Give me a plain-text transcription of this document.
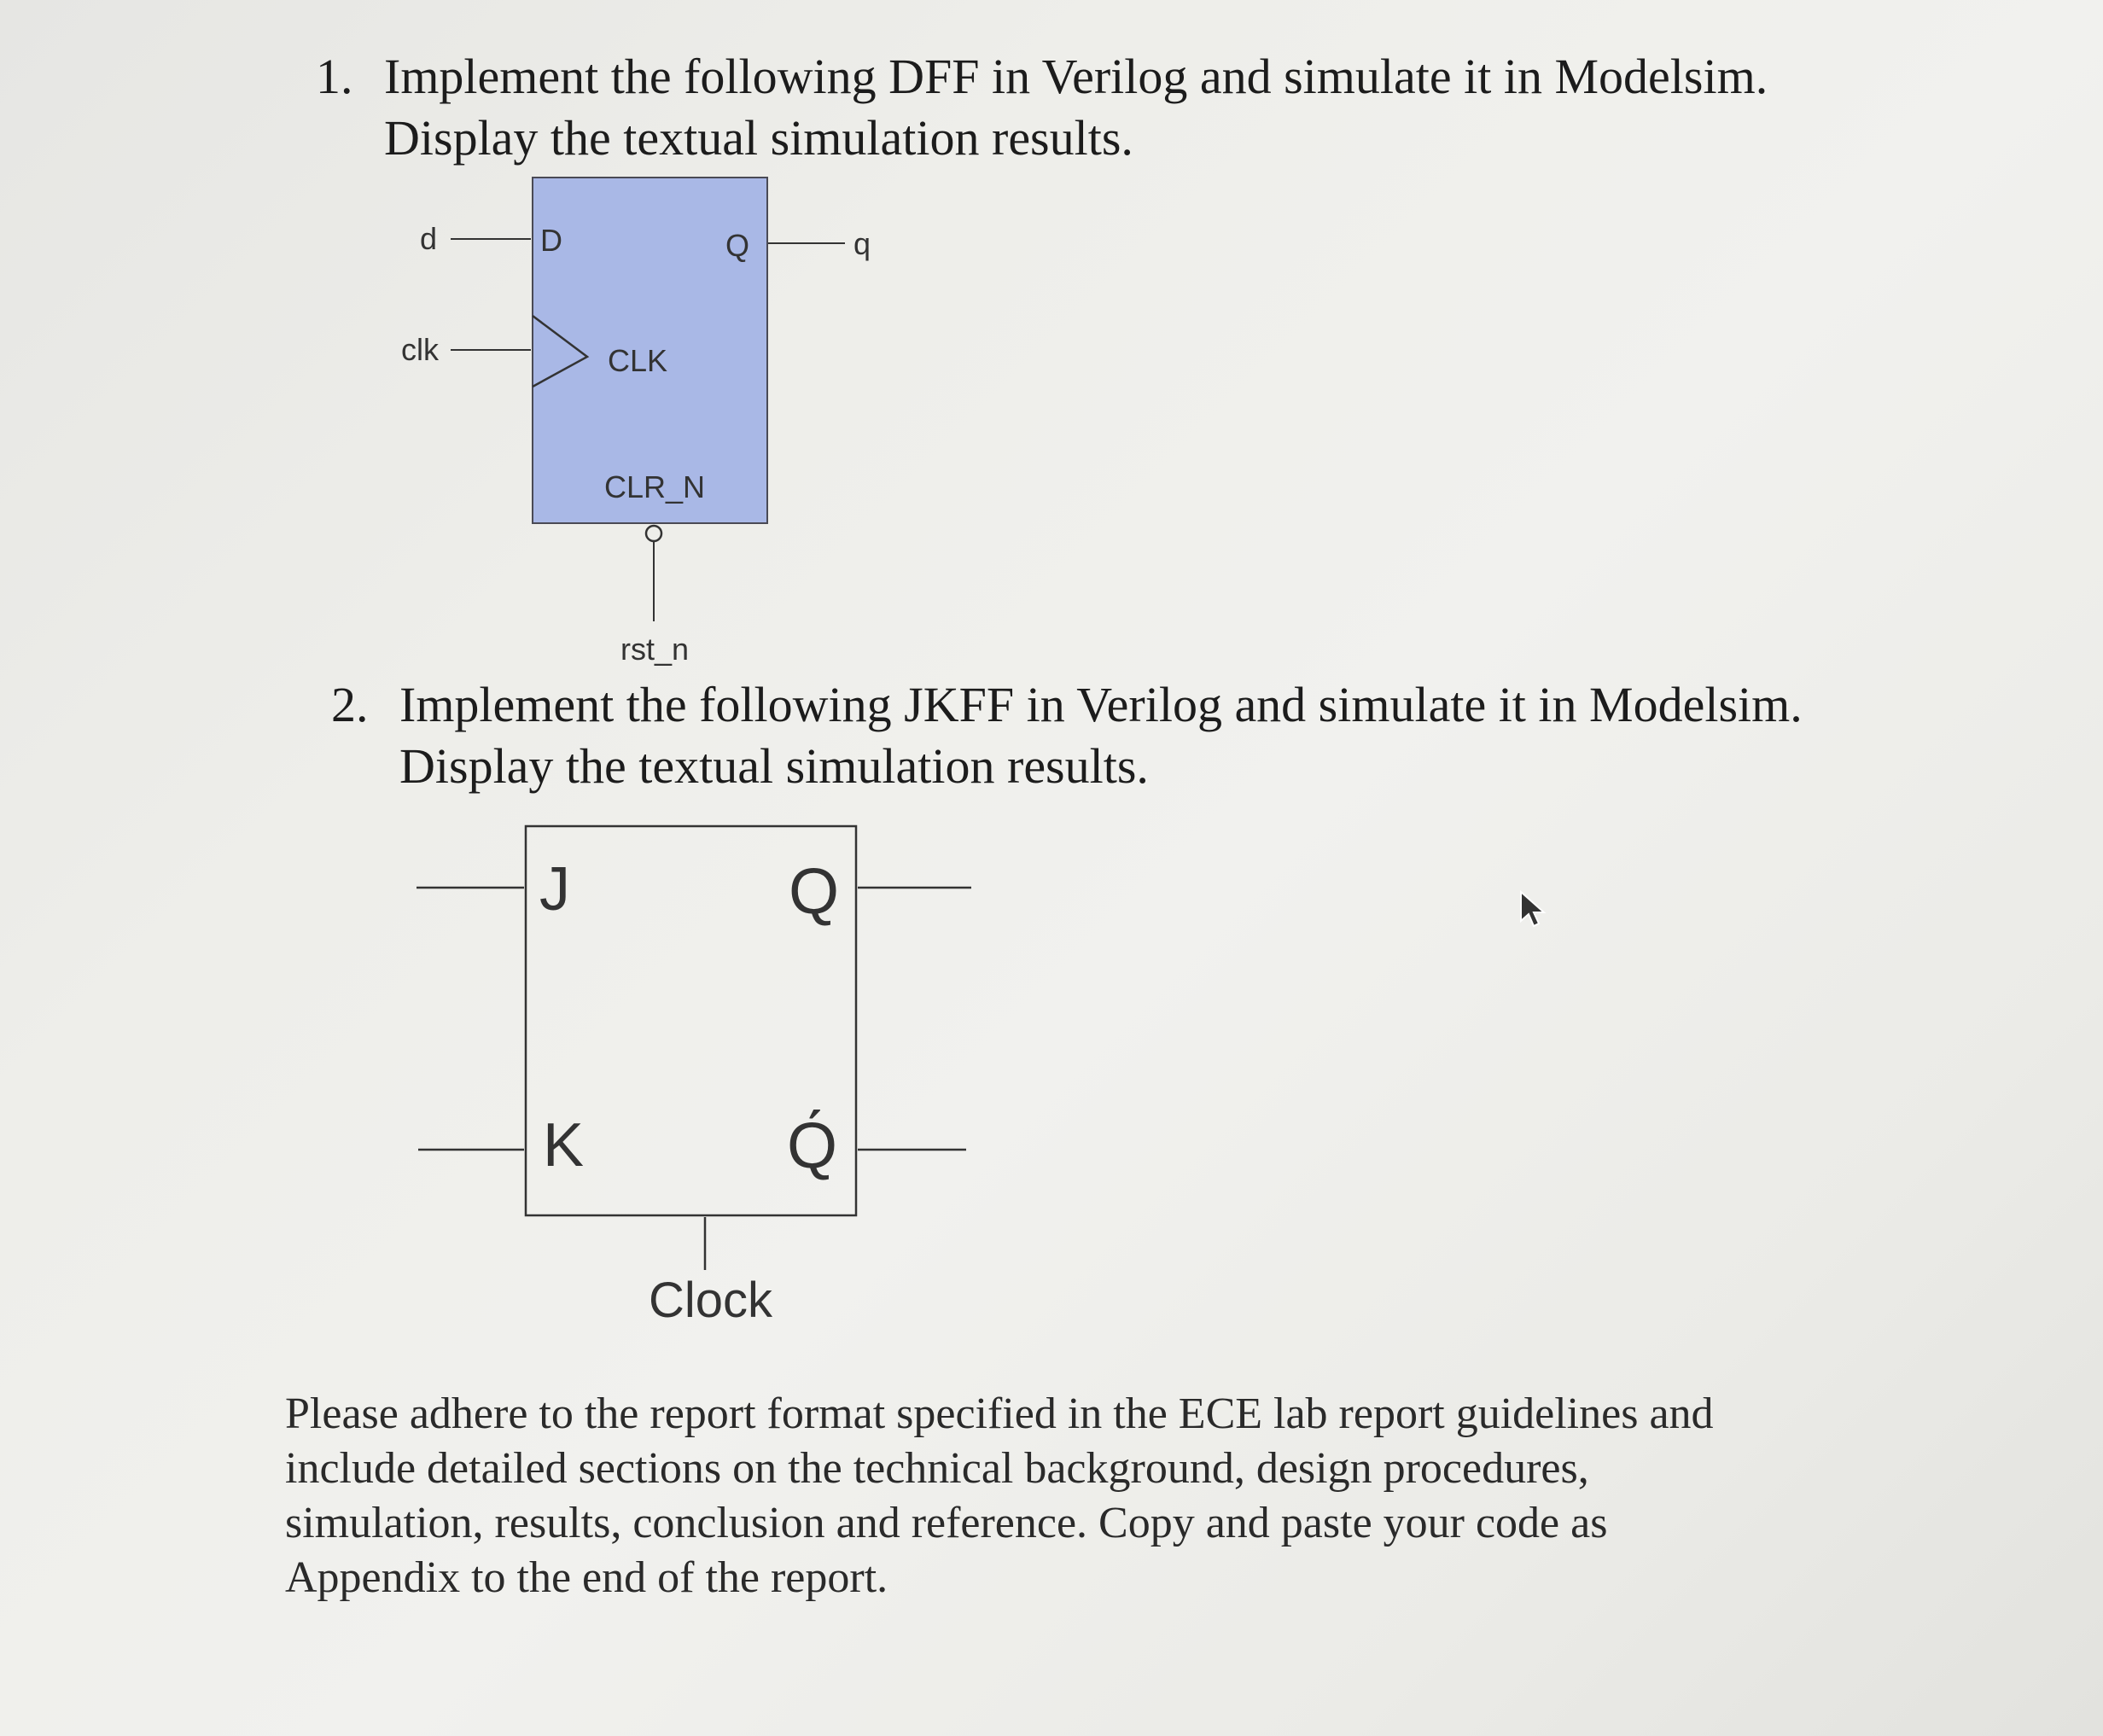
1. Implement the following DFF in Verilog and simulate it in Modelsim.
Display the textual simulation results.
d	D	Q	q
clk	CLK
CLR_N
rst_n
2. Implement the following JKFF in Verilog and simulate it in Modelsim.
Display the textual simulation results.
J	Q
K	Q́
Clock
Please adhere to the report format specified in the ECE lab report guidelines and
include detailed sections on the technical background, design procedures,
simulation, results, conclusion and reference. Copy and paste your code as
Appendix to the end of the report.
